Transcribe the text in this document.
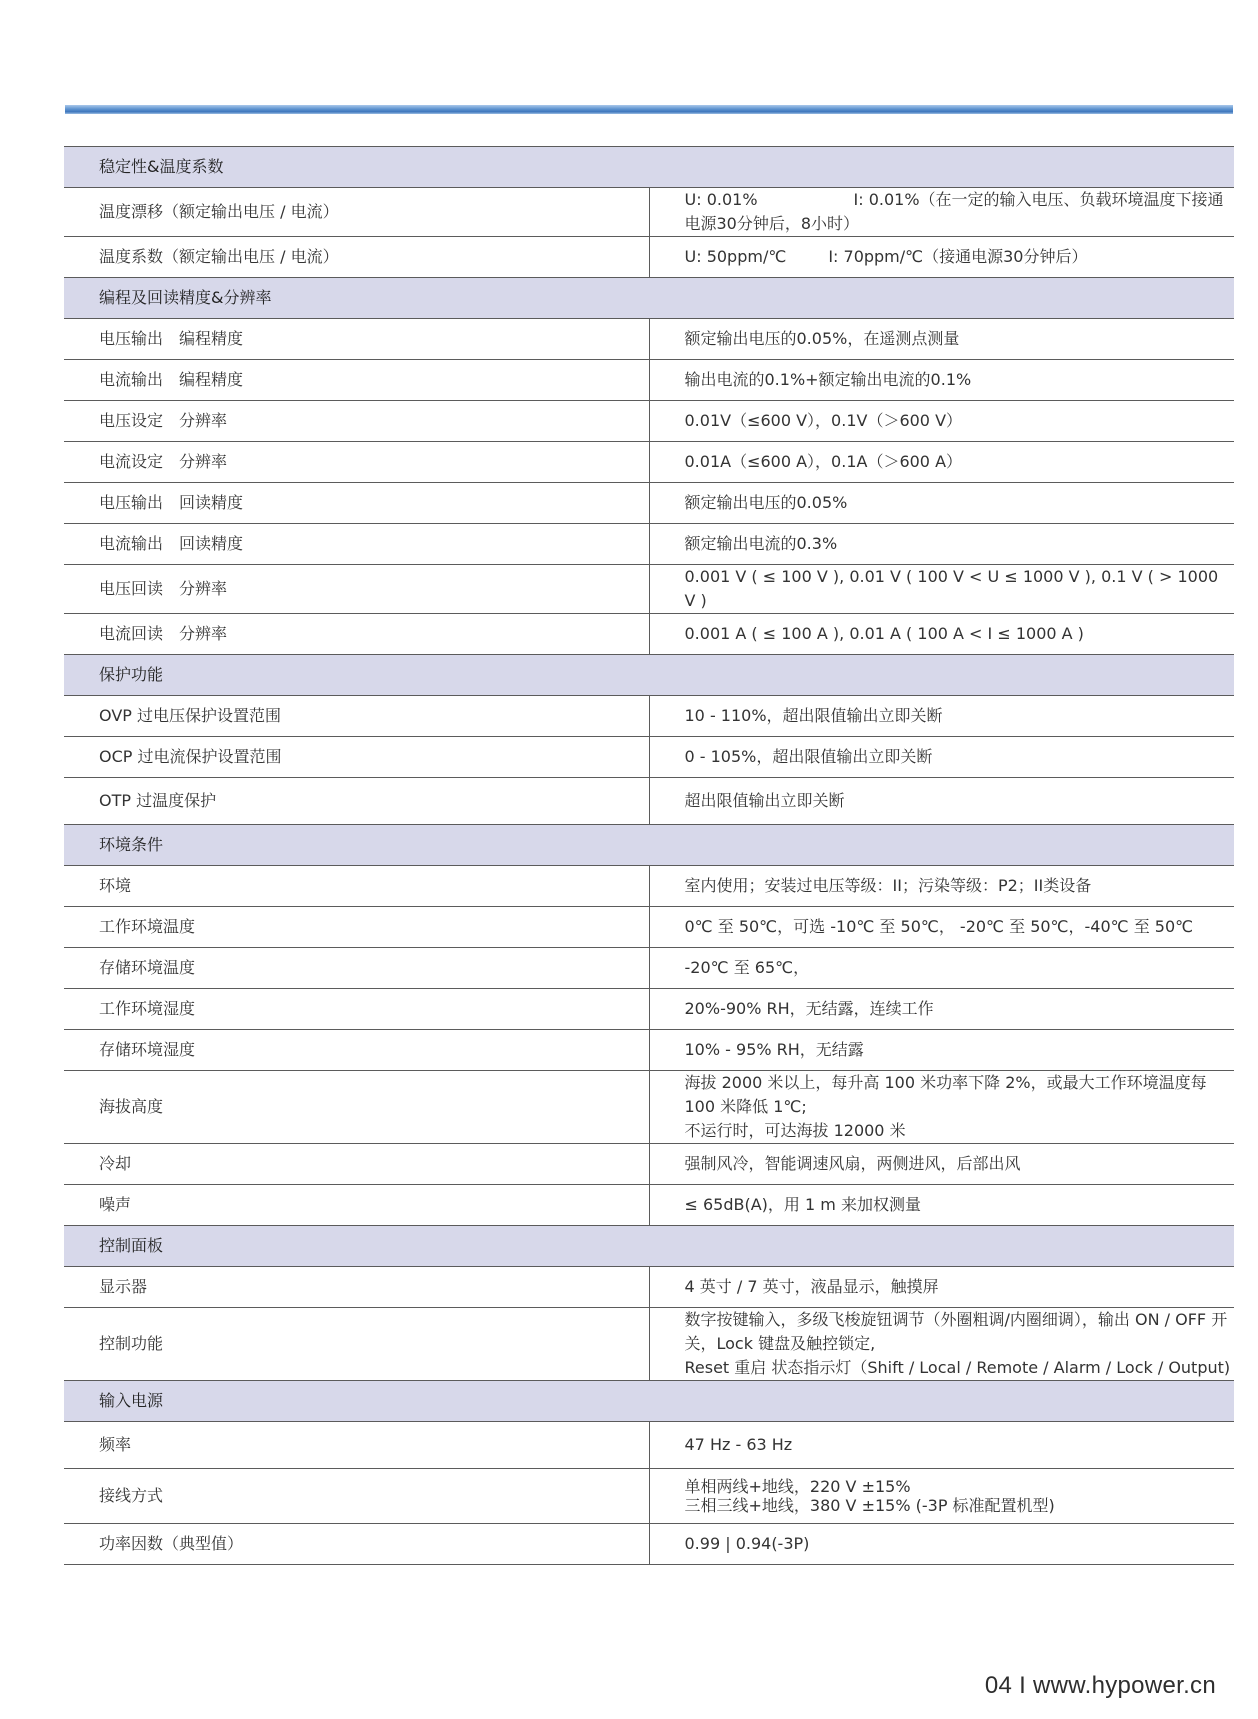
稳定性&温度系数	
温度漂移（额定输出电压 / 电流）	U: 0.01% I: 0.01%（在一定的输入电压、负载环境温度下接通电源30分钟后，8小时）
温度系数（额定输出电压 / 电流）	U: 50ppm/℃ I: 70ppm/℃（接通电源30分钟后）
编程及回读精度&分辨率	
电压输出　编程精度	额定输出电压的0.05%，在遥测点测量
电流输出　编程精度	输出电流的0.1%+额定输出电流的0.1%
电压设定　分辨率	0.01V（≤600 V），0.1V（＞600 V）
电流设定　分辨率	0.01A（≤600 A），0.1A（＞600 A）
电压输出　回读精度	额定输出电压的0.05%
电流输出　回读精度	额定输出电流的0.3%
电压回读　分辨率	0.001 V ( ≤ 100 V ), 0.01 V ( 100 V < U ≤ 1000 V ), 0.1 V ( > 1000 V )
电流回读　分辨率	0.001 A ( ≤ 100 A ), 0.01 A ( 100 A < I ≤ 1000 A )
保护功能	
OVP 过电压保护设置范围	10 - 110%，超出限值输出立即关断
OCP 过电流保护设置范围	0 - 105%，超出限值输出立即关断
OTP 过温度保护	超出限值输出立即关断
环境条件	
环境	室内使用；安装过电压等级：II；污染等级：P2；II类设备
工作环境温度	0℃ 至 50℃，可选 -10℃ 至 50℃， -20℃ 至 50℃，-40℃ 至 50℃
存储环境温度	-20℃ 至 65℃，
工作环境湿度	20%-90% RH，无结露，连续工作
存储环境湿度	10% - 95% RH，无结露
海拔高度	海拔 2000 米以上，每升高 100 米功率下降 2%，或最大工作环境温度每 100 米降低 1℃;
不运行时，可达海拔 12000 米

冷却	强制风冷，智能调速风扇，两侧进风，后部出风
噪声	≤ 65dB(A)，用 1 m 来加权测量
控制面板	
显示器	4 英寸 / 7 英寸，液晶显示，触摸屏
控制功能	数字按键输入，多级飞梭旋钮调节（外圈粗调/内圈细调），输出 ON / OFF 开关，Lock 键盘及触控锁定,
Reset 重启 状态指示灯（Shift / Local / Remote / Alarm / Lock / Output)

输入电源	
频率	47 Hz - 63 Hz
接线方式	单相两线+地线，220 V ±15%
三相三线+地线，380 V ±15% (-3P 标准配置机型)

功率因数（典型值）	0.99 | 0.94(-3P)
04 I www.hypower.cn
